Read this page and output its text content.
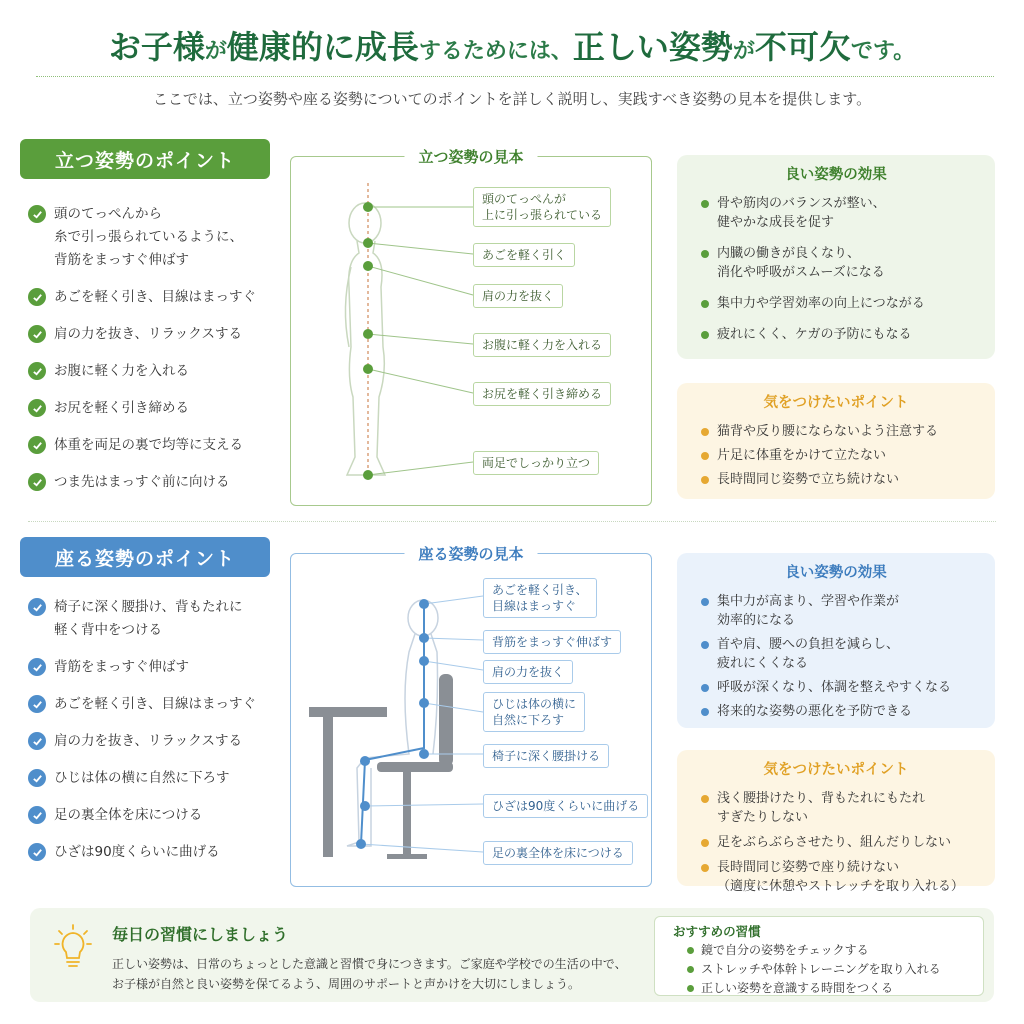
お子様が健康的に成長するためには、正しい姿勢が不可欠です。
ここでは、立つ姿勢や座る姿勢についてのポイントを詳しく説明し、実践すべき姿勢の見本を提供します。
立つ姿勢のポイント
頭のてっぺんから
糸で引っ張られているように、
背筋をまっすぐ伸ばす
あごを軽く引き、目線はまっすぐ
肩の力を抜き、リラックスする
お腹に軽く力を入れる
お尻を軽く引き締める
体重を両足の裏で均等に支える
つま先はまっすぐ前に向ける
立つ姿勢の見本
頭のてっぺんが
上に引っ張られている
あごを軽く引く
肩の力を抜く
お腹に軽く力を入れる
お尻を軽く引き締める
両足でしっかり立つ
良い姿勢の効果
骨や筋肉のバランスが整い、
健やかな成長を促す
内臓の働きが良くなり、
消化や呼吸がスムーズになる
集中力や学習効率の向上につながる
疲れにくく、ケガの予防にもなる
気をつけたいポイント
猫背や反り腰にならないよう注意する
片足に体重をかけて立たない
長時間同じ姿勢で立ち続けない
座る姿勢のポイント
椅子に深く腰掛け、背もたれに
軽く背中をつける
背筋をまっすぐ伸ばす
あごを軽く引き、目線はまっすぐ
肩の力を抜き、リラックスする
ひじは体の横に自然に下ろす
足の裏全体を床につける
ひざは90度くらいに曲げる
座る姿勢の見本
あごを軽く引き、
目線はまっすぐ
背筋をまっすぐ伸ばす
肩の力を抜く
ひじは体の横に
自然に下ろす
椅子に深く腰掛ける
ひざは90度くらいに曲げる
足の裏全体を床につける
良い姿勢の効果
集中力が高まり、学習や作業が
効率的になる
首や肩、腰への負担を減らし、
疲れにくくなる
呼吸が深くなり、体調を整えやすくなる
将来的な姿勢の悪化を予防できる
気をつけたいポイント
浅く腰掛けたり、背もたれにもたれ
すぎたりしない
足をぶらぶらさせたり、組んだりしない
長時間同じ姿勢で座り続けない
（適度に休憩やストレッチを取り入れる）
毎日の習慣にしましょう
正しい姿勢は、日常のちょっとした意識と習慣で身につきます。ご家庭や学校での生活の中で、
お子様が自然と良い姿勢を保てるよう、周囲のサポートと声かけを大切にしましょう。
おすすめの習慣
鏡で自分の姿勢をチェックする
ストレッチや体幹トレーニングを取り入れる
正しい姿勢を意識する時間をつくる
